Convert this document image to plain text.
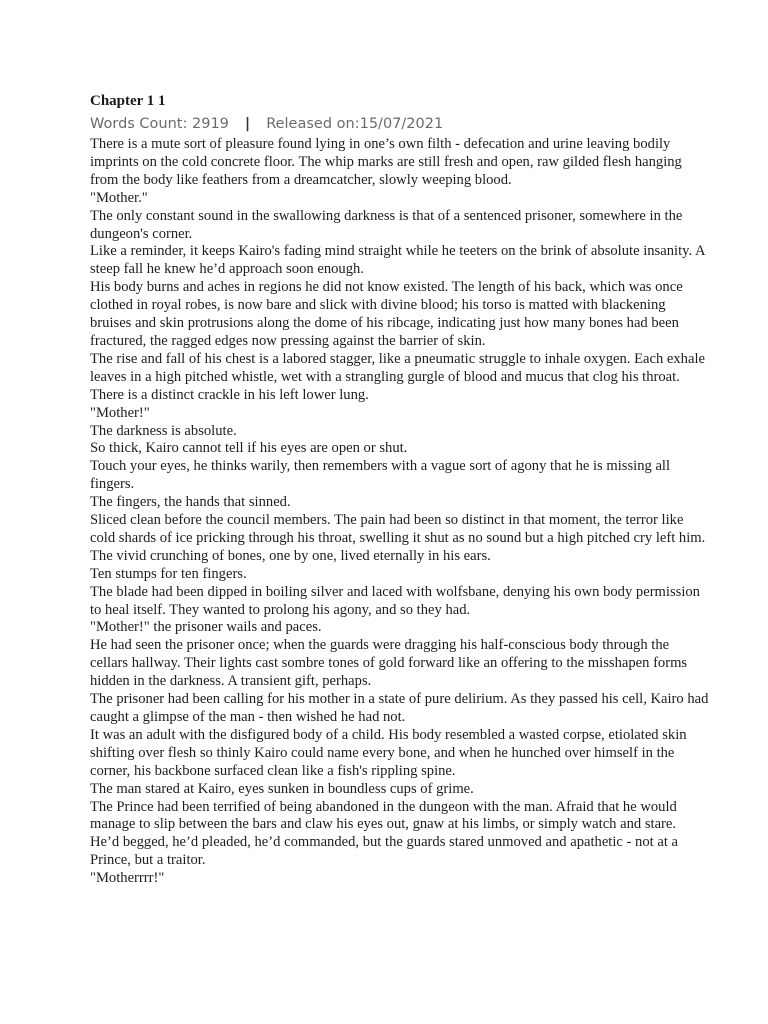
Chapter 1 1
Words Count: 2919 | Released on:15/07/2021

There is a mute sort of pleasure found lying in one’s own filth - defecation and urine leaving bodily imprints on the cold concrete floor. The whip marks are still fresh and open, raw gilded flesh hanging from the body like feathers from a dreamcatcher, slowly weeping blood.

"Mother."

The only constant sound in the swallowing darkness is that of a sentenced prisoner, somewhere in the dungeon's corner.

Like a reminder, it keeps Kairo's fading mind straight while he teeters on the brink of absolute insanity. A steep fall he knew he’d approach soon enough.

His body burns and aches in regions he did not know existed. The length of his back, which was once clothed in royal robes, is now bare and slick with divine blood; his torso is matted with blackening bruises and skin protrusions along the dome of his ribcage, indicating just how many bones had been fractured, the ragged edges now pressing against the barrier of skin.

The rise and fall of his chest is a labored stagger, like a pneumatic struggle to inhale oxygen. Each exhale leaves in a high pitched whistle, wet with a strangling gurgle of blood and mucus that clog his throat. There is a distinct crackle in his left lower lung.

"Mother!"

The darkness is absolute.

So thick, Kairo cannot tell if his eyes are open or shut.

Touch your eyes, he thinks warily, then remembers with a vague sort of agony that he is missing all fingers.

The fingers, the hands that sinned.

Sliced clean before the council members. The pain had been so distinct in that moment, the terror like cold shards of ice pricking through his throat, swelling it shut as no sound but a high pitched cry left him. The vivid crunching of bones, one by one, lived eternally in his ears.

Ten stumps for ten fingers.

The blade had been dipped in boiling silver and laced with wolfsbane, denying his own body permission to heal itself. They wanted to prolong his agony, and so they had.

"Mother!" the prisoner wails and paces.

He had seen the prisoner once; when the guards were dragging his half-conscious body through the cellars hallway. Their lights cast sombre tones of gold forward like an offering to the misshapen forms hidden in the darkness. A transient gift, perhaps.

The prisoner had been calling for his mother in a state of pure delirium. As they passed his cell, Kairo had caught a glimpse of the man - then wished he had not.

It was an adult with the disfigured body of a child. His body resembled a wasted corpse, etiolated skin shifting over flesh so thinly Kairo could name every bone, and when he hunched over himself in the corner, his backbone surfaced clean like a fish's rippling spine.

The man stared at Kairo, eyes sunken in boundless cups of grime.

The Prince had been terrified of being abandoned in the dungeon with the man. Afraid that he would manage to slip between the bars and claw his eyes out, gnaw at his limbs, or simply watch and stare.

He’d begged, he’d pleaded, he’d commanded, but the guards stared unmoved and apathetic - not at a Prince, but a traitor.

"Motherrrr!"
